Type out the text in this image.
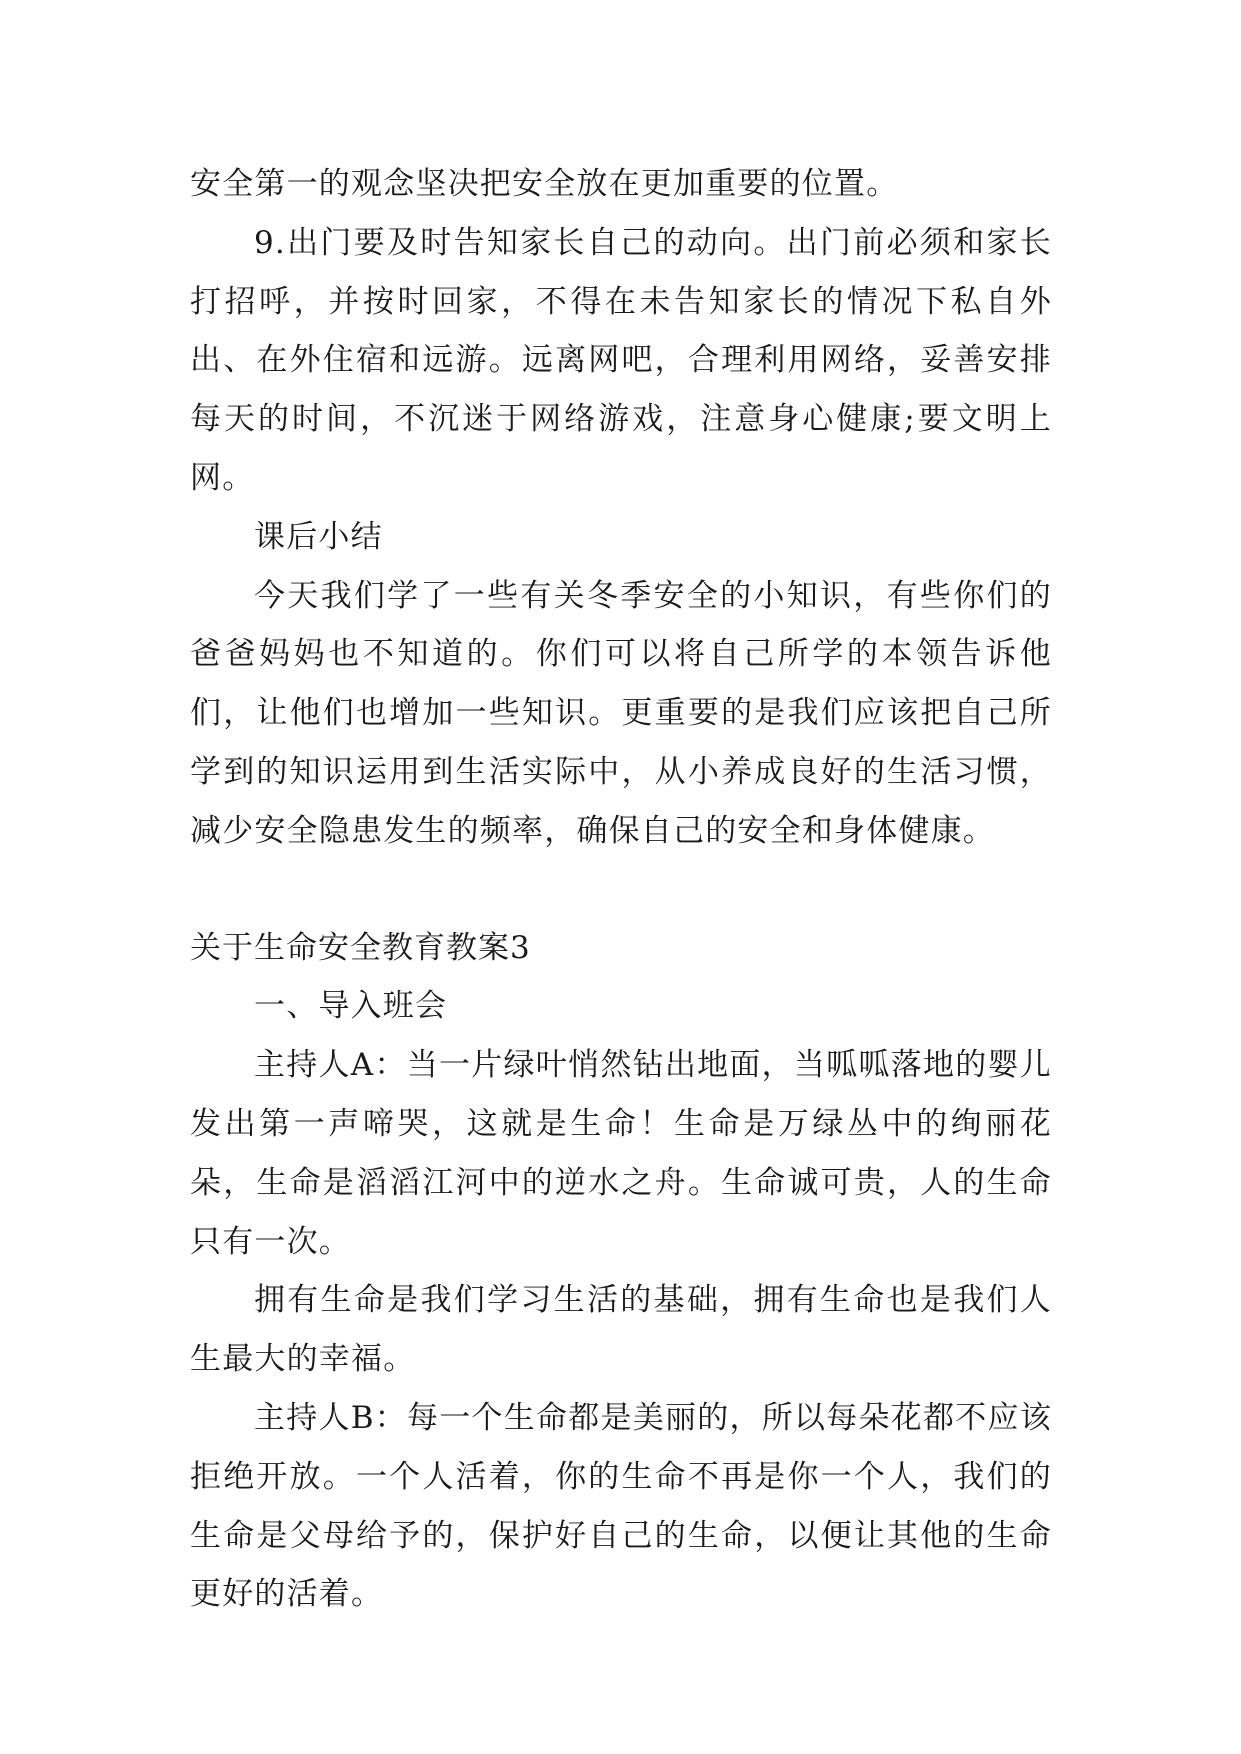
安全第一的观念坚决把安全放在更加重要的位置。

9.出门要及时告知家长自己的动向。出门前必须和家长打招呼，并按时回家，不得在未告知家长的情况下私自外出、在外住宿和远游。远离网吧，合理利用网络，妥善安排每天的时间，不沉迷于网络游戏，注意身心健康;要文明上网。

课后小结

今天我们学了一些有关冬季安全的小知识，有些你们的爸爸妈妈也不知道的。你们可以将自己所学的本领告诉他们，让他们也增加一些知识。更重要的是我们应该把自己所学到的知识运用到生活实际中，从小养成良好的生活习惯，减少安全隐患发生的频率，确保自己的安全和身体健康。

关于生命安全教育教案3

一、导入班会

主持人A：当一片绿叶悄然钻出地面，当呱呱落地的婴儿发出第一声啼哭，这就是生命！生命是万绿丛中的绚丽花朵，生命是滔滔江河中的逆水之舟。生命诚可贵，人的生命只有一次。

拥有生命是我们学习生活的基础，拥有生命也是我们人生最大的幸福。

主持人B：每一个生命都是美丽的，所以每朵花都不应该拒绝开放。一个人活着，你的生命不再是你一个人，我们的生命是父母给予的，保护好自己的生命，以便让其他的生命更好的活着。
